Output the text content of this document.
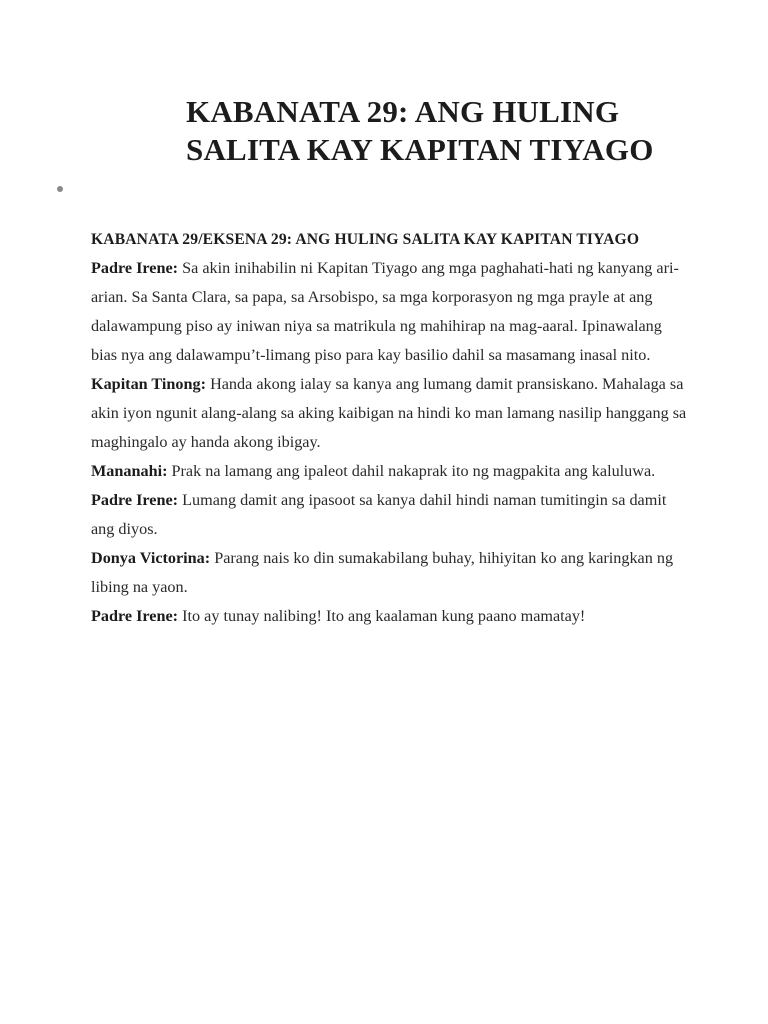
KABANATA 29: ANG HULING
SALITA KAY KAPITAN TIYAGO
KABANATA 29/EKSENA 29: ANG HULING SALITA KAY KAPITAN TIYAGO

Padre Irene: Sa akin inihabilin ni Kapitan Tiyago ang mga paghahati-hati ng kanyang ari-arian. Sa Santa Clara, sa papa, sa Arsobispo, sa mga korporasyon ng mga prayle at ang dalawampung piso ay iniwan niya sa matrikula ng mahihirap na mag-aaral. Ipinawalang bias nya ang dalawampu’t-limang piso para kay basilio dahil sa masamang inasal nito.

Kapitan Tinong: Handa akong ialay sa kanya ang lumang damit pransiskano. Mahalaga sa akin iyon ngunit alang-alang sa aking kaibigan na hindi ko man lamang nasilip hanggang sa maghingalo ay handa akong ibigay.

Mananahi: Prak na lamang ang ipaleot dahil nakaprak ito ng magpakita ang kaluluwa.

Padre Irene: Lumang damit ang ipasoot sa kanya dahil hindi naman tumitingin sa damit ang diyos.

Donya Victorina: Parang nais ko din sumakabilang buhay, hihiyitan ko ang karingkan ng libing na yaon.

Padre Irene: Ito ay tunay nalibing! Ito ang kaalaman kung paano mamatay!
